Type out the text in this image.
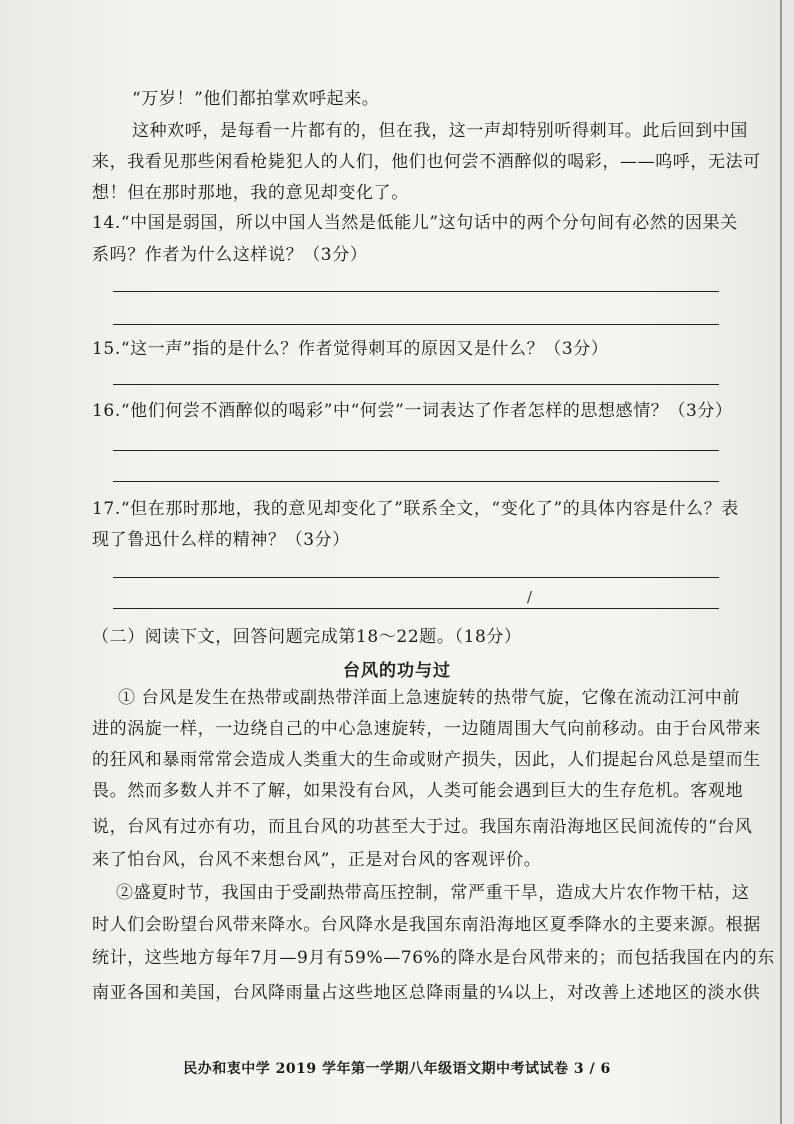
“万岁！”他们都拍掌欢呼起来。
这种欢呼，是每看一片都有的，但在我，这一声却特别听得刺耳。此后回到中国
来，我看见那些闲看枪毙犯人的人们，他们也何尝不酒醉似的喝彩，——呜呼，无法可
想！但在那时那地，我的意见却变化了。
14.“中国是弱国，所以中国人当然是低能儿”这句话中的两个分句间有必然的因果关
系吗？作者为什么这样说？（3分）
15.“这一声”指的是什么？作者觉得刺耳的原因又是什么？（3分）
16.“他们何尝不酒醉似的喝彩”中“何尝”一词表达了作者怎样的思想感情？（3分）
17.“但在那时那地，我的意见却变化了”联系全文，“变化了”的具体内容是什么？表
现了鲁迅什么样的精神？（3分）
/
（二）阅读下文，回答问题完成第18～22题。（18分）
台风的功与过
① 台风是发生在热带或副热带洋面上急速旋转的热带气旋，它像在流动江河中前
进的涡旋一样，一边绕自己的中心急速旋转，一边随周围大气向前移动。由于台风带来
的狂风和暴雨常常会造成人类重大的生命或财产损失，因此，人们提起台风总是望而生
畏。然而多数人并不了解，如果没有台风，人类可能会遇到巨大的生存危机。客观地
说，台风有过亦有功，而且台风的功甚至大于过。我国东南沿海地区民间流传的“台风
来了怕台风，台风不来想台风”，正是对台风的客观评价。
②盛夏时节，我国由于受副热带高压控制，常严重干旱，造成大片农作物干枯，这
时人们会盼望台风带来降水。台风降水是我国东南沿海地区夏季降水的主要来源。根据
统计，这些地方每年7月—9月有59%—76%的降水是台风带来的；而包括我国在内的东
南亚各国和美国，台风降雨量占这些地区总降雨量的¼以上，对改善上述地区的淡水供
民办和衷中学 2019 学年第一学期八年级语文期中考试试卷 3 / 6
